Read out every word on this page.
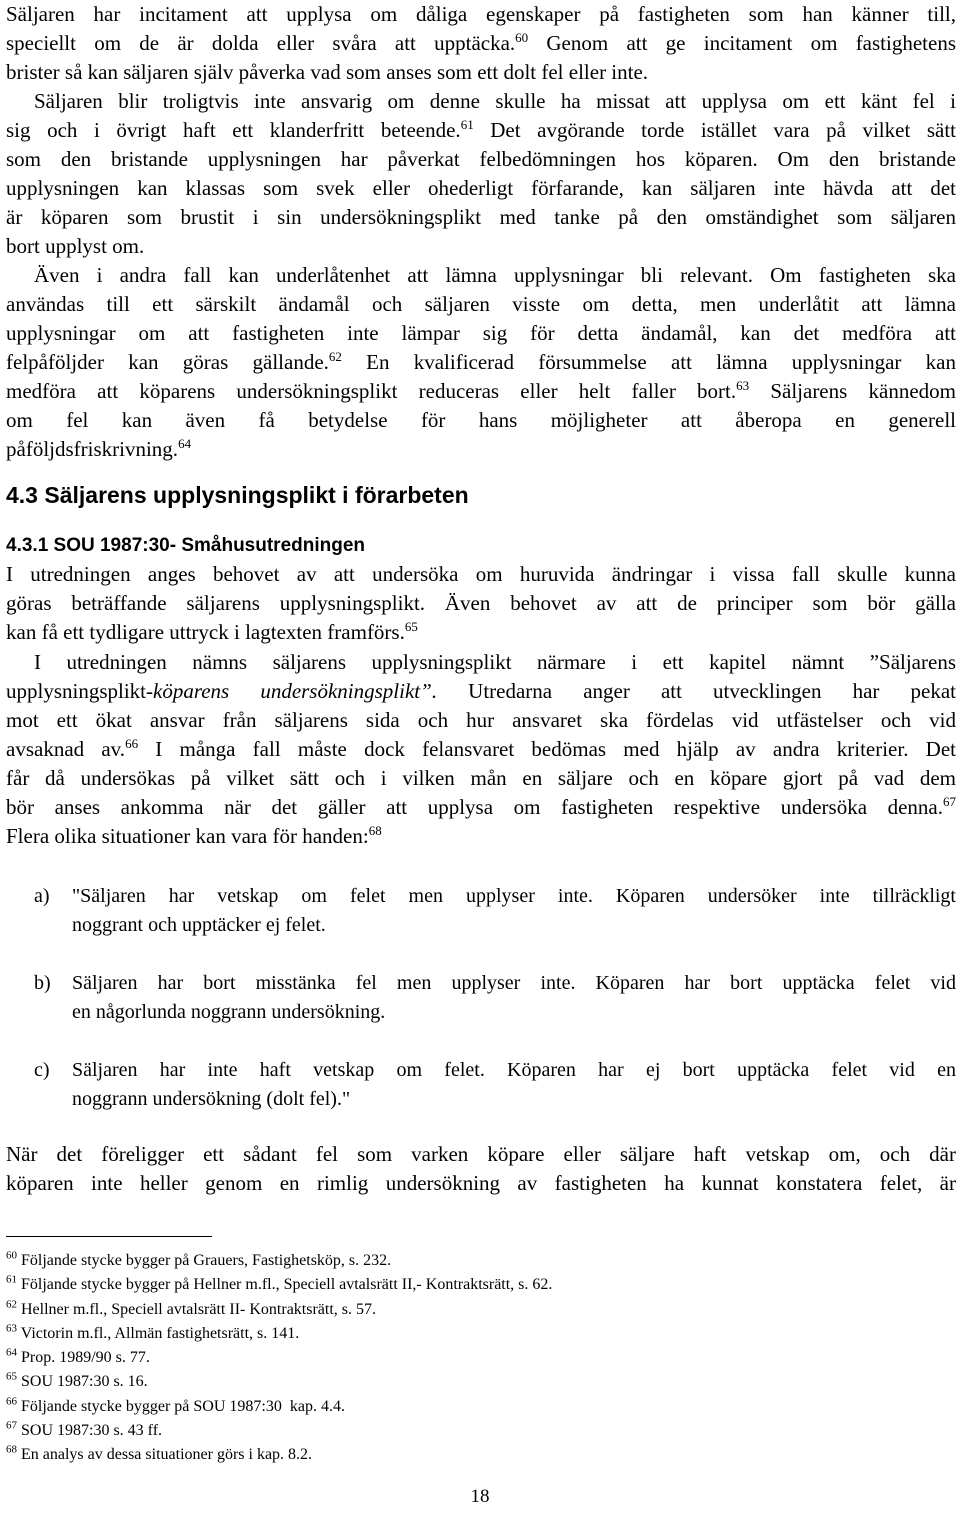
Säljaren har incitament att upplysa om dåliga egenskaper på fastigheten som han känner till,

speciellt om de är dolda eller svåra att upptäcka.$^{60}$ Genom att ge incitament om fastighetens

brister så kan säljaren själv påverka vad som anses som ett dolt fel eller inte.

Säljaren blir troligtvis inte ansvarig om denne skulle ha missat att upplysa om ett känt fel i

sig och i övrigt haft ett klanderfritt beteende.$^{61}$ Det avgörande torde istället vara på vilket sätt

som den bristande upplysningen har påverkat felbedömningen hos köparen. Om den bristande

upplysningen kan klassas som svek eller ohederligt förfarande, kan säljaren inte hävda att det

är köparen som brustit i sin undersökningsplikt med tanke på den omständighet som säljaren

bort upplyst om.

Även i andra fall kan underlåtenhet att lämna upplysningar bli relevant. Om fastigheten ska

användas till ett särskilt ändamål och säljaren visste om detta, men underlåtit att lämna

upplysningar om att fastigheten inte lämpar sig för detta ändamål, kan det medföra att

felpåföljder kan göras gällande.$^{62}$ En kvalificerad försummelse att lämna upplysningar kan

medföra att köparens undersökningsplikt reduceras eller helt faller bort.$^{63}$ Säljarens kännedom

om fel kan även få betydelse för hans möjligheter att åberopa en generell

påföljdsfriskrivning.$^{64}$

4.3 Säljarens upplysningsplikt i förarbeten
4.3.1 SOU 1987:30- Småhusutredningen

I utredningen anges behovet av att undersöka om huruvida ändringar i vissa fall skulle kunna

göras beträffande säljarens upplysningsplikt. Även behovet av att de principer som bör gälla

kan få ett tydligare uttryck i lagtexten framförs.$^{65}$

I utredningen nämns säljarens upplysningsplikt närmare i ett kapitel nämnt ”Säljarens

upplysningsplikt-köparens undersökningsplikt”. Utredarna anger att utvecklingen har pekat

mot ett ökat ansvar från säljarens sida och hur ansvaret ska fördelas vid utfästelser och vid

avsaknad av.$^{66}$ I många fall måste dock felansvaret bedömas med hjälp av andra kriterier. Det

får då undersökas på vilket sätt och i vilken mån en säljare och en köpare gjort på vad dem

bör anses ankomma när det gäller att upplysa om fastigheten respektive undersöka denna.$^{67}$

Flera olika situationer kan vara för handen:$^{68}$

a) "Säljaren har vetskap om felet men upplyser inte. Köparen undersöker inte tillräckligt
noggrant och upptäcker ej felet.
b) Säljaren har bort misstänka fel men upplyser inte. Köparen har bort upptäcka felet vid
en någorlunda noggrann undersökning.
c) Säljaren har inte haft vetskap om felet. Köparen har ej bort upptäcka felet vid en
noggrann undersökning (dolt fel)."

När det föreligger ett sådant fel som varken köpare eller säljare haft vetskap om, och där

köparen inte heller genom en rimlig undersökning av fastigheten ha kunnat konstatera felet, är

$^{60}$ Följande stycke bygger på Grauers, Fastighetsköp, s. 232.

$^{61}$ Följande stycke bygger på Hellner m.fl., Speciell avtalsrätt II,- Kontraktsrätt, s. 62.

$^{62}$ Hellner m.fl., Speciell avtalsrätt II- Kontraktsrätt, s. 57.

$^{63}$ Victorin m.fl., Allmän fastighetsrätt, s. 141.

$^{64}$ Prop. 1989/90 s. 77.

$^{65}$ SOU 1987:30 s. 16.

$^{66}$ Följande stycke bygger på SOU 1987:30  kap. 4.4.

$^{67}$ SOU 1987:30 s. 43 ff.

$^{68}$ En analys av dessa situationer görs i kap. 8.2.

18
